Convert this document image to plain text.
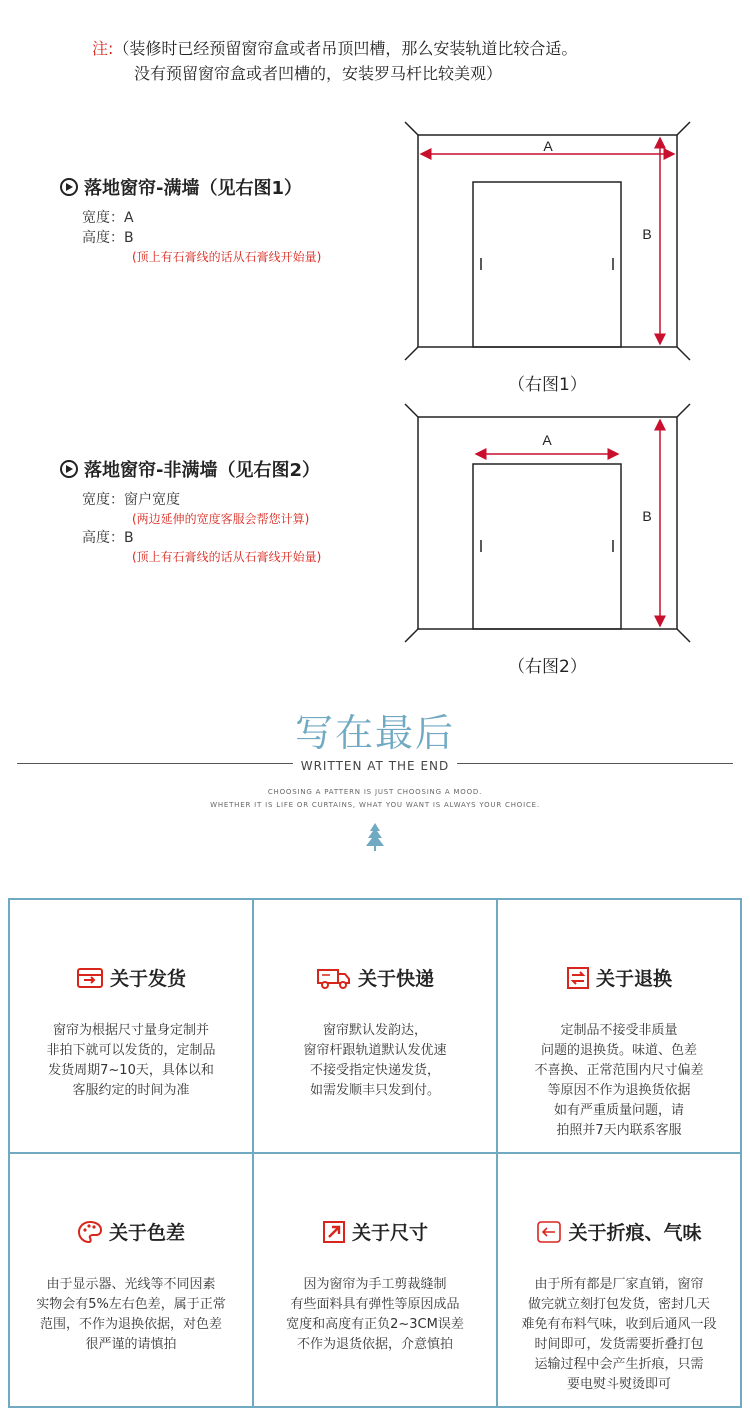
注:（装修时已经预留窗帘盒或者吊顶凹槽，那么安装轨道比较合适。
没有预留窗帘盒或者凹槽的，安装罗马杆比较美观）
落地窗帘-满墙（见右图1）
宽度：A
高度：B
(顶上有石膏线的话从石膏线开始量)
A
B
（右图1）
落地窗帘-非满墙（见右图2）
宽度：窗户宽度
(两边延伸的宽度客服会帮您计算)
高度：B
(顶上有石膏线的话从石膏线开始量)
A
B
（右图2）
写在最后
WRITTEN AT THE END
CHOOSING A PATTERN IS JUST CHOOSING A MOOD.
WHETHER IT IS LIFE OR CURTAINS, WHAT YOU WANT IS ALWAYS YOUR CHOICE.
关于发货
窗帘为根据尺寸量身定制并
非拍下就可以发货的，定制品
发货周期7~10天，具体以和
客服约定的时间为准
关于快递
窗帘默认发韵达，
窗帘杆跟轨道默认发优速
不接受指定快递发货，
如需发顺丰只发到付。
关于退换
定制品不接受非质量
问题的退换货。味道、色差
不喜换、正常范围内尺寸偏差
等原因不作为退换货依据
如有严重质量问题，请
拍照并7天内联系客服
关于色差
由于显示器、光线等不同因素
实物会有5%左右色差，属于正常
范围，不作为退换依据，对色差
很严谨的请慎拍
关于尺寸
因为窗帘为手工剪裁缝制
有些面料具有弹性等原因成品
宽度和高度有正负2~3CM误差
不作为退货依据，介意慎拍
关于折痕、气味
由于所有都是厂家直销，窗帘
做完就立刻打包发货，密封几天
难免有布料气味，收到后通风一段
时间即可，发货需要折叠打包
运输过程中会产生折痕，只需
要电熨斗熨烫即可
